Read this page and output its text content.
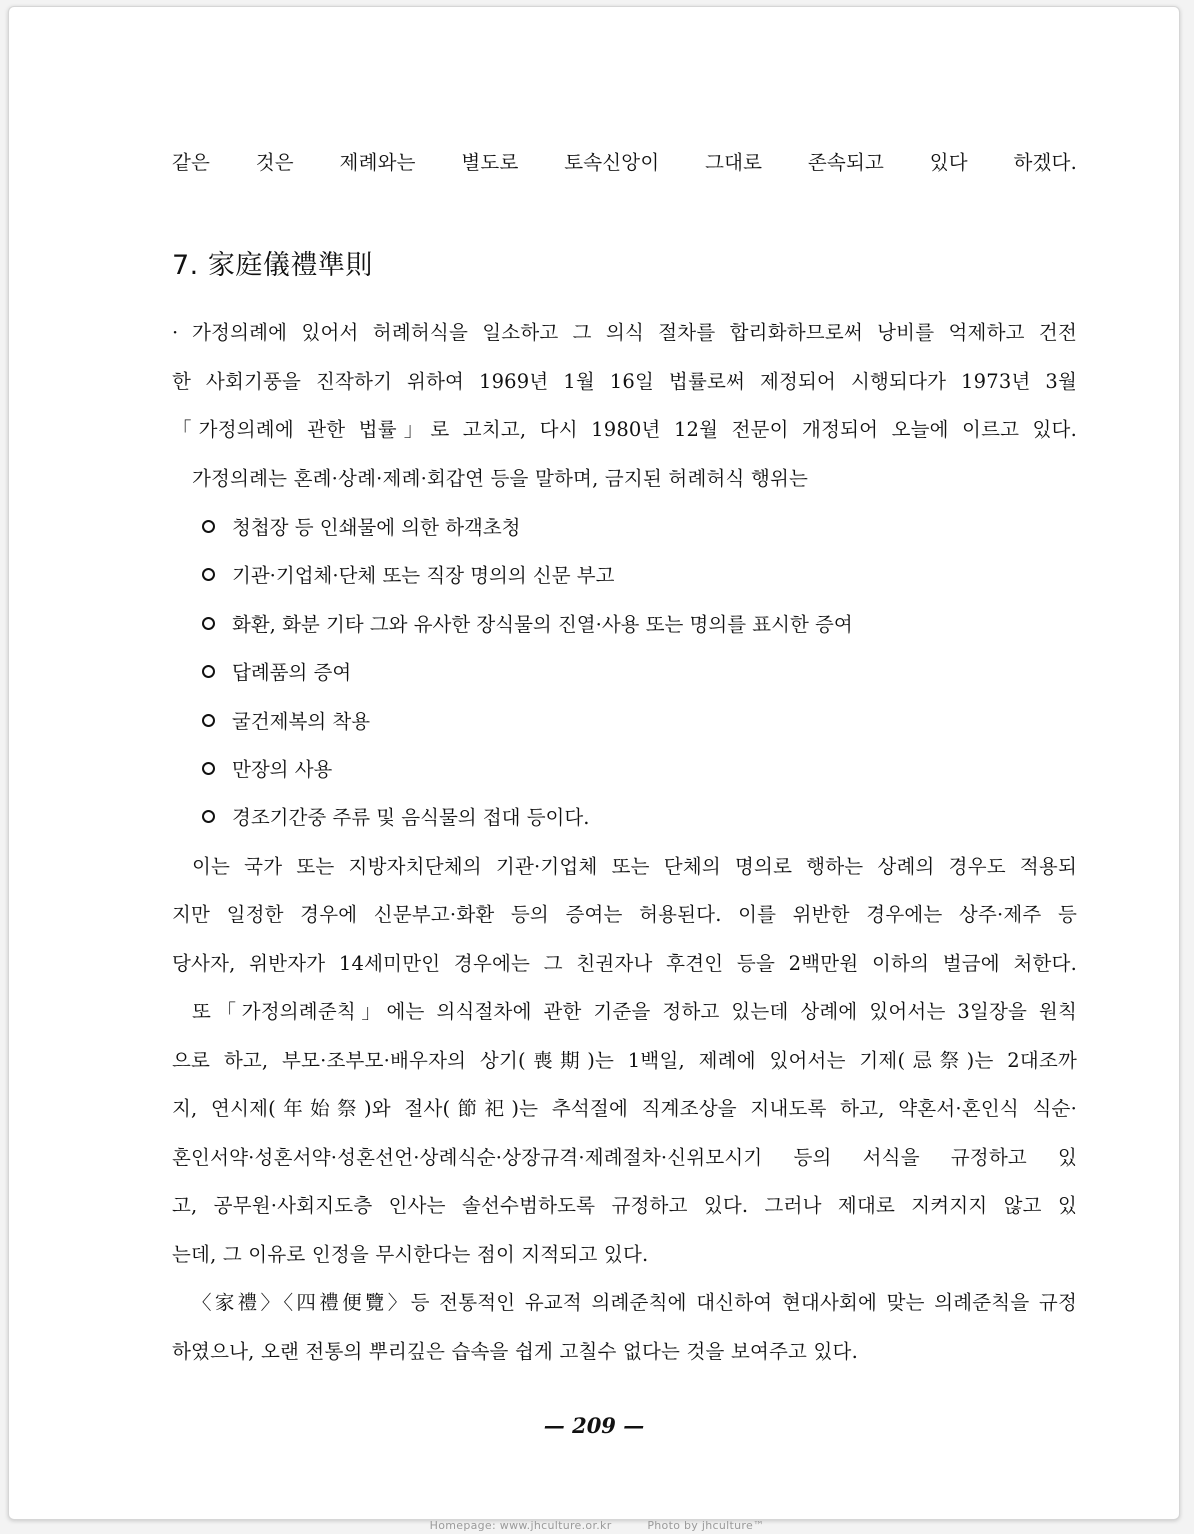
같은 것은 제례와는 별도로 토속신앙이 그대로 존속되고 있다 하겠다.
7. 家庭儀禮準則
· 가정의례에 있어서 허례허식을 일소하고 그 의식 절차를 합리화하므로써 낭비를 억제하고 건전
한 사회기풍을 진작하기 위하여 1969년 1월 16일 법률로써 제정되어 시행되다가 1973년 3월
「가정의례에 관한 법률」로 고치고, 다시 1980년 12월 전문이 개정되어 오늘에 이르고 있다.
가정의례는 혼례·상례·제례·회갑연 등을 말하며, 금지된 허례허식 행위는
청첩장 등 인쇄물에 의한 하객초청
기관·기업체·단체 또는 직장 명의의 신문 부고
화환, 화분 기타 그와 유사한 장식물의 진열·사용 또는 명의를 표시한 증여
답례품의 증여
굴건제복의 착용
만장의 사용
경조기간중 주류 및 음식물의 접대 등이다.
이는 국가 또는 지방자치단체의 기관·기업체 또는 단체의 명의로 행하는 상례의 경우도 적용되
지만 일정한 경우에 신문부고·화환 등의 증여는 허용된다. 이를 위반한 경우에는 상주·제주 등
당사자, 위반자가 14세미만인 경우에는 그 친권자나 후견인 등을 2백만원 이하의 벌금에 처한다.
또「가정의례준칙」에는 의식절차에 관한 기준을 정하고 있는데 상례에 있어서는 3일장을 원칙
으로 하고, 부모·조부모·배우자의 상기(喪期)는 1백일, 제례에 있어서는 기제(忌祭)는 2대조까
지, 연시제(年始祭)와 절사(節祀)는 추석절에 직계조상을 지내도록 하고, 약혼서·혼인식 식순·
혼인서약·성혼서약·성혼선언·상례식순·상장규격·제례절차·신위모시기 등의 서식을 규정하고 있
고, 공무원·사회지도층 인사는 솔선수범하도록 규정하고 있다. 그러나 제대로 지켜지지 않고 있
는데, 그 이유로 인정을 무시한다는 점이 지적되고 있다.
〈家禮〉〈四禮便覽〉등 전통적인 유교적 의례준칙에 대신하여 현대사회에 맞는 의례준칙을 규정
하였으나, 오랜 전통의 뿌리깊은 습속을 쉽게 고칠수 없다는 것을 보여주고 있다.
— 209 —
Homepage: www.jhculture.or.kr	Photo by jhculture™
